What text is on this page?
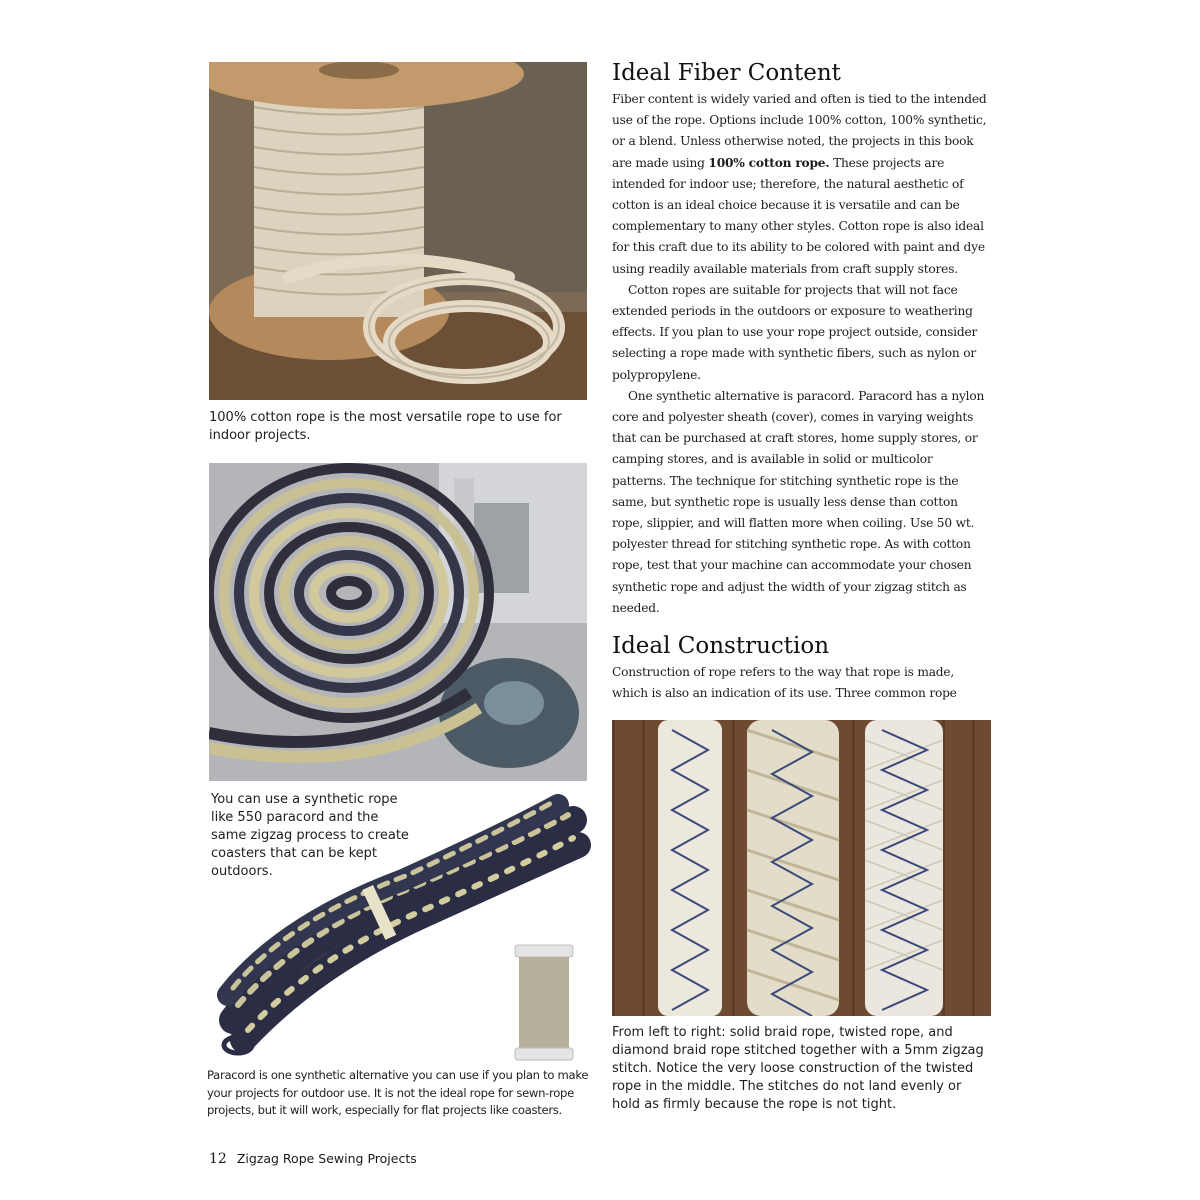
100% cotton rope is the most versatile rope to use for indoor projects.
You can use a synthetic rope like 550 paracord and the same zigzag process to create coasters that can be kept outdoors.
Paracord is one synthetic alternative you can use if you plan to make your projects for outdoor use. It is not the ideal rope for sewn-rope projects, but it will work, especially for flat projects like coasters.
Ideal Fiber Content

Fiber content is widely varied and often is tied to the intended use of the rope. Options include 100% cotton, 100% synthetic, or a blend. Unless otherwise noted, the projects in this book are made using 100% cotton rope. These projects are intended for indoor use; therefore, the natural aesthetic of cotton is an ideal choice because it is versatile and can be complementary to many other styles. Cotton rope is also ideal for this craft due to its ability to be colored with paint and dye using readily available materials from craft supply stores.

Cotton ropes are suitable for projects that will not face extended periods in the outdoors or exposure to weathering effects. If you plan to use your rope project outside, consider selecting a rope made with synthetic fibers, such as nylon or polypropylene.

One synthetic alternative is paracord. Paracord has a nylon core and polyester sheath (cover), comes in varying weights that can be purchased at craft stores, home supply stores, or camping stores, and is available in solid or multicolor patterns. The technique for stitching synthetic rope is the same, but synthetic rope is usually less dense than cotton rope, slippier, and will flatten more when coiling. Use 50 wt. polyester thread for stitching synthetic rope. As with cotton rope, test that your machine can accommodate your chosen synthetic rope and adjust the width of your zigzag stitch as needed.

Ideal Construction

Construction of rope refers to the way that rope is made, which is also an indication of its use. Three common rope

From left to right: solid braid rope, twisted rope, and diamond braid rope stitched together with a 5mm zigzag stitch. Notice the very loose construction of the twisted rope in the middle. The stitches do not land evenly or hold as firmly because the rope is not tight.
12 Zigzag Rope Sewing Projects
